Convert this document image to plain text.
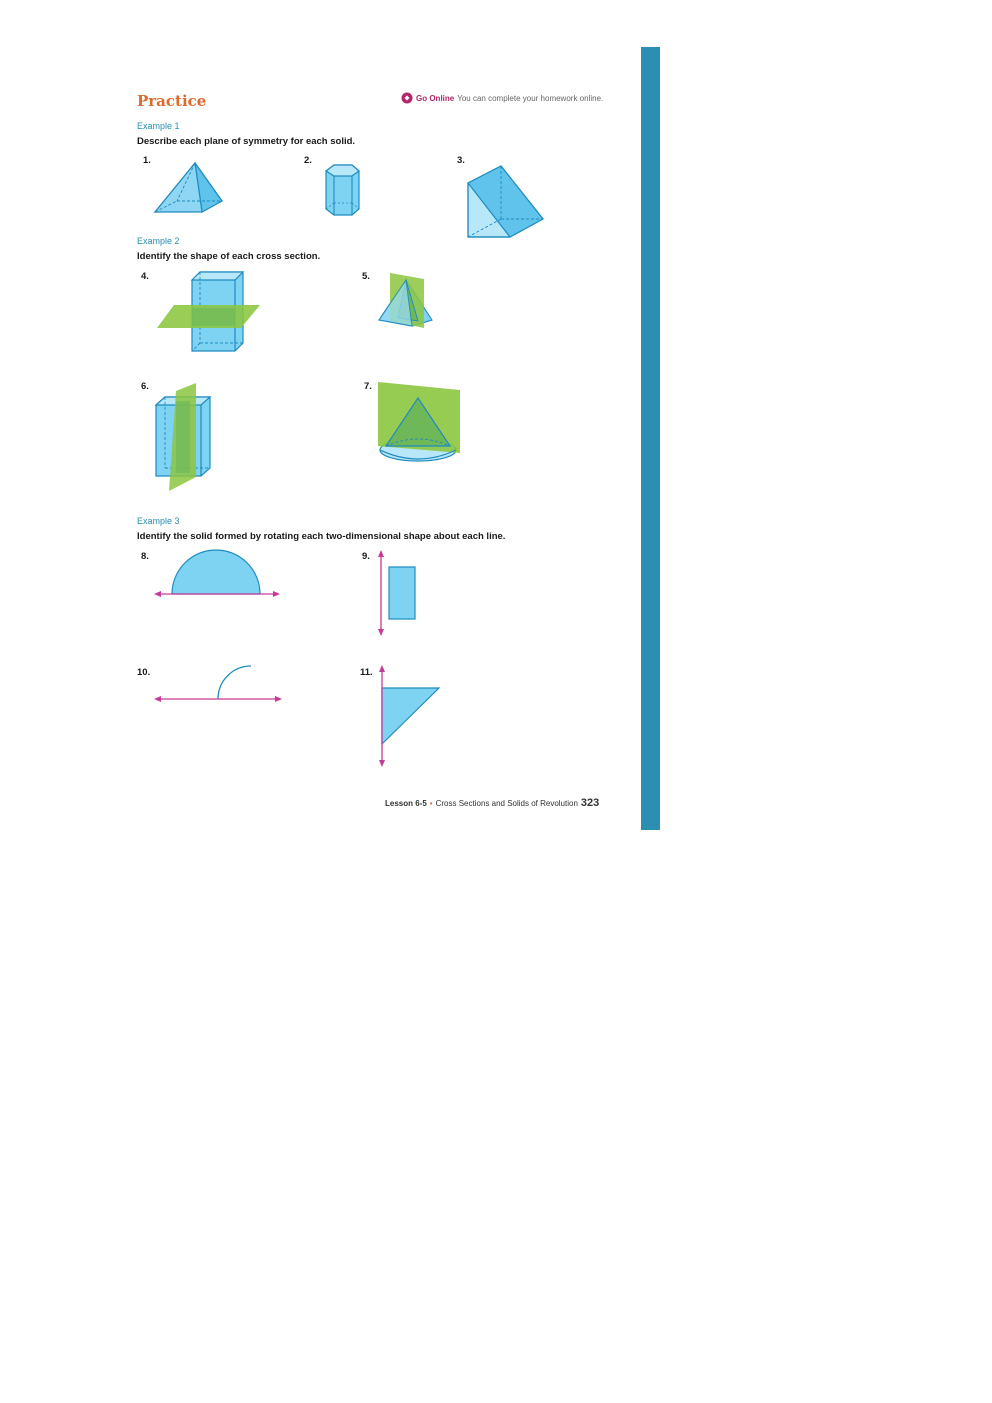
Practice	Go Online You can complete your homework online.
Example 1
Describe each plane of symmetry for each solid.
1.	2.	3.
Example 2
Identify the shape of each cross section.
4.	5.
6.	7.
Example 3
Identify the solid formed by rotating each two-dimensional shape about each line.
8.	9.
10.	11.
Lesson 6-5 • Cross Sections and Solids of Revolution 323
